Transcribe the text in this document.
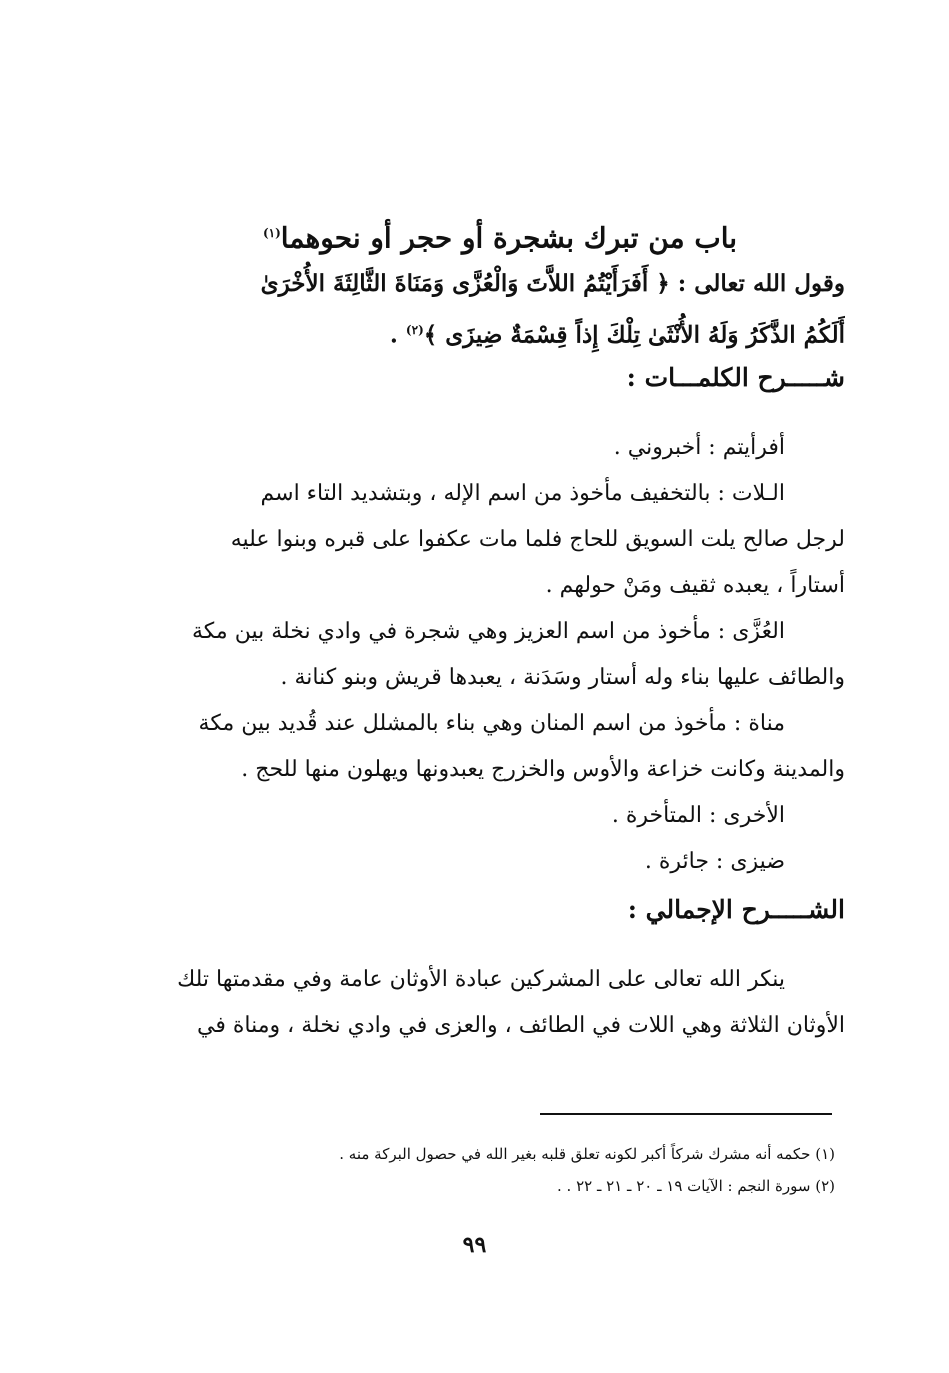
باب من تبرك بشجرة أو حجر أو نحوهما$^{(١)}$
وقول الله تعالى : ﴿ أَفَرَأَيْتُمُ اللاَّتَ وَالْعُزَّى وَمَنَاةَ الثَّالِثَةَ الأُخْرَىٰ
أَلَكُمُ الذَّكَرُ وَلَهُ الأُنْثَىٰ تِلْكَ إِذاً قِسْمَةٌ ضِيزَى ﴾$^{(٢)}$ .
شـــــرح الكلمـــات :
أفرأيتم : أخبروني .
الـلات : بالتخفيف مأخوذ من اسم الإله ، وبتشديد التاء اسم
لرجل صالح يلت السويق للحاج فلما مات عكفوا على قبره وبنوا عليه
أستاراً ، يعبده ثقيف ومَنْ حولهم .
العُزَّى : مأخوذ من اسم العزيز وهي شجرة في وادي نخلة بين مكة
والطائف عليها بناء وله أستار وسَدَنة ، يعبدها قريش وبنو كنانة .
مناة : مأخوذ من اسم المنان وهي بناء بالمشلل عند قُديد بين مكة
والمدينة وكانت خزاعة والأوس والخزرج يعبدونها ويهلون منها للحج .
الأخرى : المتأخرة .
ضيزى : جائرة .
الشـــــرح الإجمالي :
ينكر الله تعالى على المشركين عبادة الأوثان عامة وفي مقدمتها تلك
الأوثان الثلاثة وهي اللات في الطائف ، والعزى في وادي نخلة ، ومناة في
(١) حكمه أنه مشرك شركاً أكبر لكونه تعلق قلبه بغير الله في حصول البركة منه .
(٢) سورة النجم : الآيات ١٩ ـ ٢٠ ـ ٢١ ـ ٢٢ . .
٩٩
